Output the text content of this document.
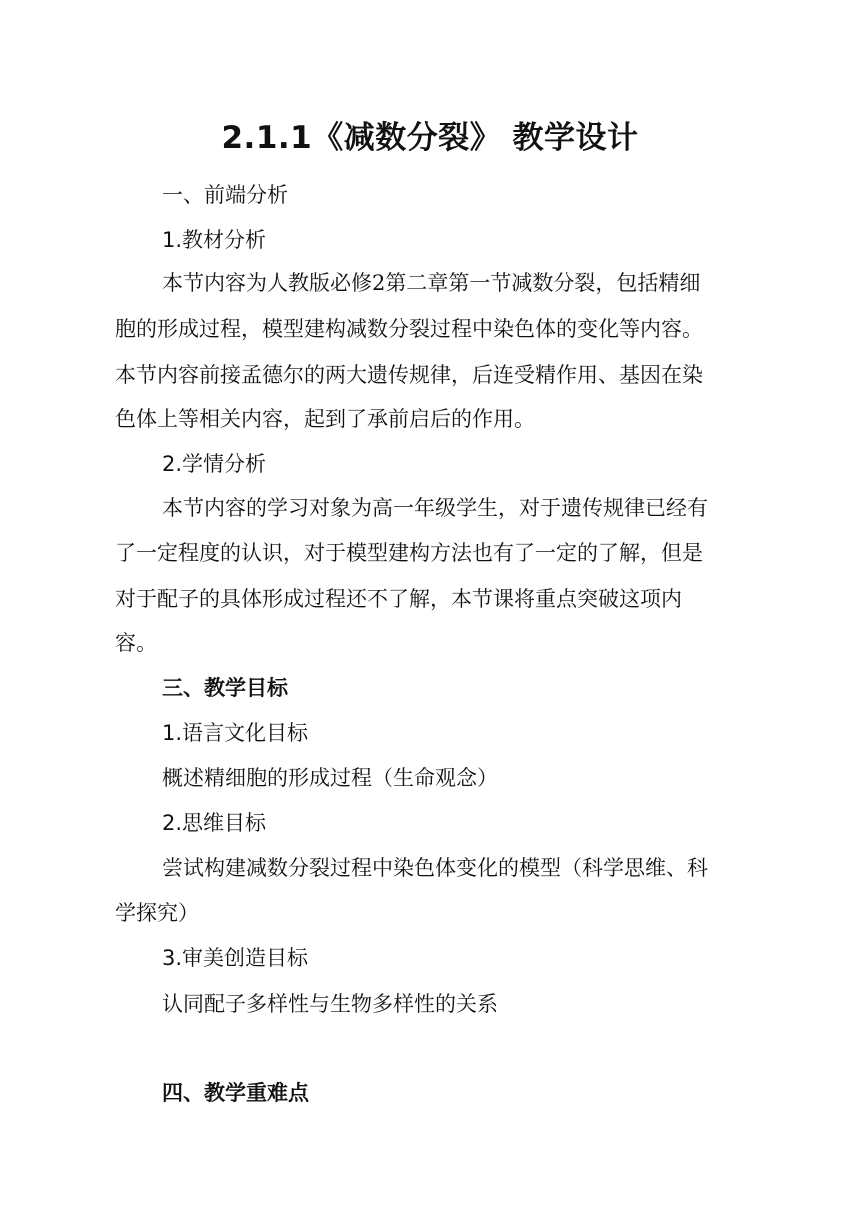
2.1.1《减数分裂》 教学设计
一、前端分析
1.教材分析
本节内容为人教版必修2第二章第一节减数分裂，包括精细
胞的形成过程，模型建构减数分裂过程中染色体的变化等内容。
本节内容前接孟德尔的两大遗传规律，后连受精作用、基因在染
色体上等相关内容，起到了承前启后的作用。
2.学情分析
本节内容的学习对象为高一年级学生，对于遗传规律已经有
了一定程度的认识，对于模型建构方法也有了一定的了解，但是
对于配子的具体形成过程还不了解，本节课将重点突破这项内
容。
三、教学目标
1.语言文化目标
概述精细胞的形成过程（生命观念）
2.思维目标
尝试构建减数分裂过程中染色体变化的模型（科学思维、科
学探究）
3.审美创造目标
认同配子多样性与生物多样性的关系
四、教学重难点
